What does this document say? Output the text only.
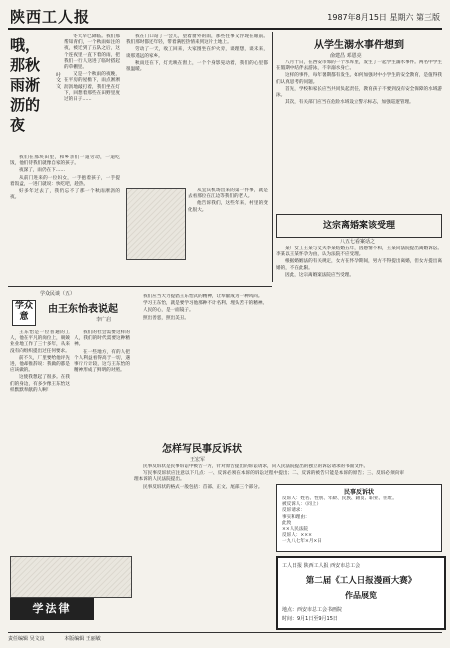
陕西工人报	1987年8月15日 星期六 第三版
哦，
那秋
雨淅
沥的
夜
叶文 文

冬天早已降临。我们那帮知青们，一个秋雨如注的夜，被迁到了五队之后，这个连夜里一直下着的雨，把我们一行人送进了临时搭起的草棚里。

又是一个秋雨的夜晚，在平房的屋檐下，雨点淅淅沥沥地敲打着，我们坐在灯下，回想着那些在田野里度过的日子……

我们在那块田里，和乡亲们一道劳动，一道吃饭，他们待我们就像自家的孩子。

夜深了，雨仍在下……

从前门进来的一位妇女，一手抱着孩子，一手提着饭盒，一进门就说：快吃吧，趁热。

好多年过去了，我仍忘不了那一个秋雨淅沥的夜。

我在门口站了一会儿，望着窗外的雨，那些往事又浮现在眼前。我们那时都还年轻，带着满腔热情来到这片土地上。

劳动了一天，收工回来，大家围坐在炉火旁，谈理想，谈未来，谈那遥远的家乡。

秋雨还在下，灯光映在窗上，一个个身影晃动着，我们的心里都很温暖。

从宜宾机场出来的第一件事，就是去看那位在江边等我们的老人。

他告诉我们，这些年来，村里的变化很大。

从学生溺水事件想到
俞建昌 邓恩亮

八月十日，在西安市郊的一个水库里，发生了一起学生溺水事件。两名中学生在假期中结伴去游泳，不幸溺水身亡。

这样的事件，每年暑期都有发生。如何加强对中小学生的安全教育，是值得我们认真思考的问题。

首先，学校和家长应当共同负起责任，教育孩子不要到没有安全保障的水域游泳。

其次，有关部门应当在危险水域设立警示标志，加强巡逻管理。

这宗离婚案该受理
八五七看案话之

某厂女工王某与丈夫李某结婚五年，因感情不和，王某向法院提出离婚诉讼。李某以王某怀孕为由，认为法院不应受理。

根据婚姻法的有关规定，女方在怀孕期间，男方不得提出离婚，但女方提出离婚的，不在此限。

因此，这宗离婚案法院应当受理。

学众民谈（五）
学众意
由王东怡表说起
李广启

王东怡是一位普通的工人，他在平凡的岗位上，兢兢业业地工作了三十多年，从来没有向组织提出过任何要求。

前不久，厂里要给他评先进，他却推辞说：我做的都是应该做的。

这使我想起了很多。在我们的身边，有多少像王东怡这样默默奉献的人啊！

我们的社会需要这样的人，我们的时代需要这种精神。

在一些地方，有的人把个人利益看得高于一切，遇事斤斤计较，这与王东怡的精神形成了鲜明的对照。

我们应当大力提倡王东怡式的精神，让奉献成为一种风尚。

学习王东怡，就是要学习他那种不计名利、埋头苦干的精神。

人民的心，是一面镜子。

照出善恶，照出美丑。

怎样写民事反诉状
王宏军

民事反诉状是民事诉讼中被告一方，针对原告提出的诉讼请求，向人民法院提出的独立的诉讼请求的书面文件。

写民事反诉状应注意以下几点：一、反诉必须在本诉的诉讼过程中提出；二、反诉的被告只能是本诉的原告；三、反诉必须向审理本诉的人民法院提出。

民事反诉状的格式一般包括：首部、正文、尾部三个部分。

民事反诉状
反诉人：姓名、性别、年龄、民族、籍贯、职业、住址。
被反诉人：（同上）
反诉请求：
事实和理由：
此致
××人民法院
反诉人：×××
一九八七年×月×日
学法律
工人日报 陕西工人报 西安市总工会
第二届《工人日报漫画大赛》
作品展览
地点：西安市总工会书画院
时间：9月1日至9月15日
责任编辑 吴文良	本版编辑 王丽敏
